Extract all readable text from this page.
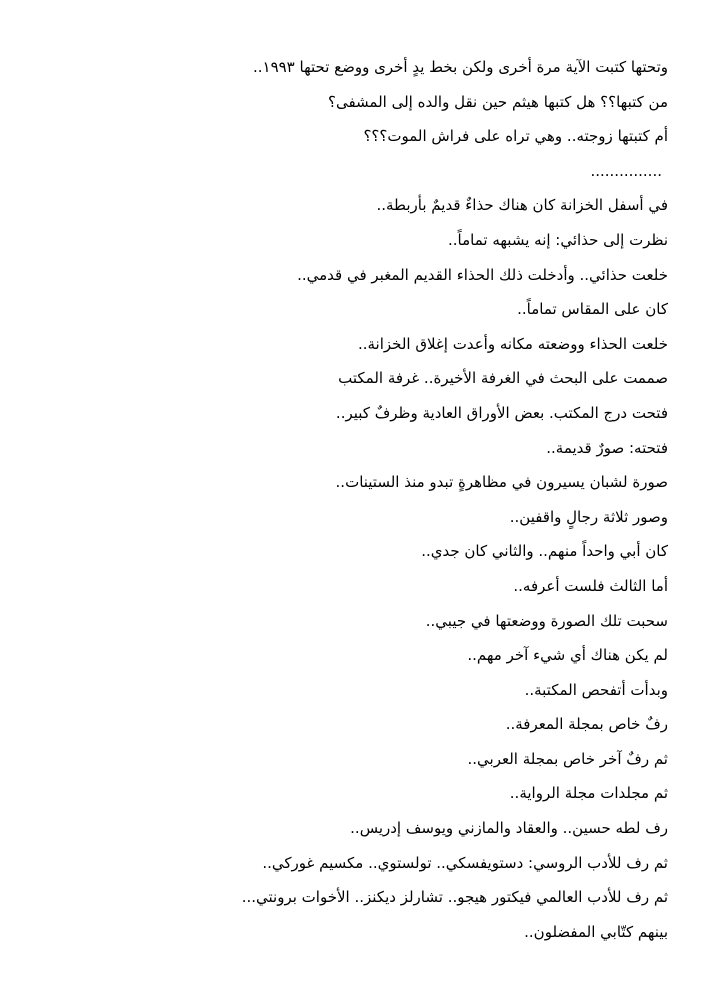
وتحتها كتبت الآية مرة أخرى ولكن بخط يدٍ أخرى ووضع تحتها ١٩٩٣..
من كتبها؟؟ هل كتبها هيثم حين نقل والده إلى المشفى؟
أم كتبتها زوجته.. وهي تراه على فراش الموت؟؟؟
...............
في أسفل الخزانة كان هناك حذاءٌ قديمٌ بأربطة..
نظرت إلى حذائي: إنه يشبهه تماماً..
خلعت حذائي.. وأدخلت ذلك الحذاء القديم المغبر في قدمي..
كان على المقاس تماماً..
خلعت الحذاء ووضعته مكانه وأعدت إغلاق الخزانة..
صممت على البحث في الغرفة الأخيرة.. غرفة المكتب
فتحت درج المكتب. بعض الأوراق العادية وظرفٌ كبير..
فتحته: صورٌ قديمة..
صورة لشبان يسيرون في مظاهرةٍ تبدو منذ الستينات..
وصور ثلاثة رجالٍ واقفين..
كان أبي واحداً منهم.. والثاني كان جدي..
أما الثالث فلست أعرفه..
سحبت تلك الصورة ووضعتها في جيبي..
لم يكن هناك أي شيء آخر مهم..
وبدأت أتفحص المكتبة..
رفٌ خاص بمجلة المعرفة..
ثم رفٌ آخر خاص بمجلة العربي..
ثم مجلدات مجلة الرواية..
رف لطه حسين.. والعقاد والمازني ويوسف إدريس..
ثم رف للأدب الروسي: دستويفسكي.. تولستوي.. مكسيم غوركي..
ثم رف للأدب العالمي فيكتور هيجو.. تشارلز ديكنز.. الأخوات برونتي...
بينهم كتّابي المفضلون..
